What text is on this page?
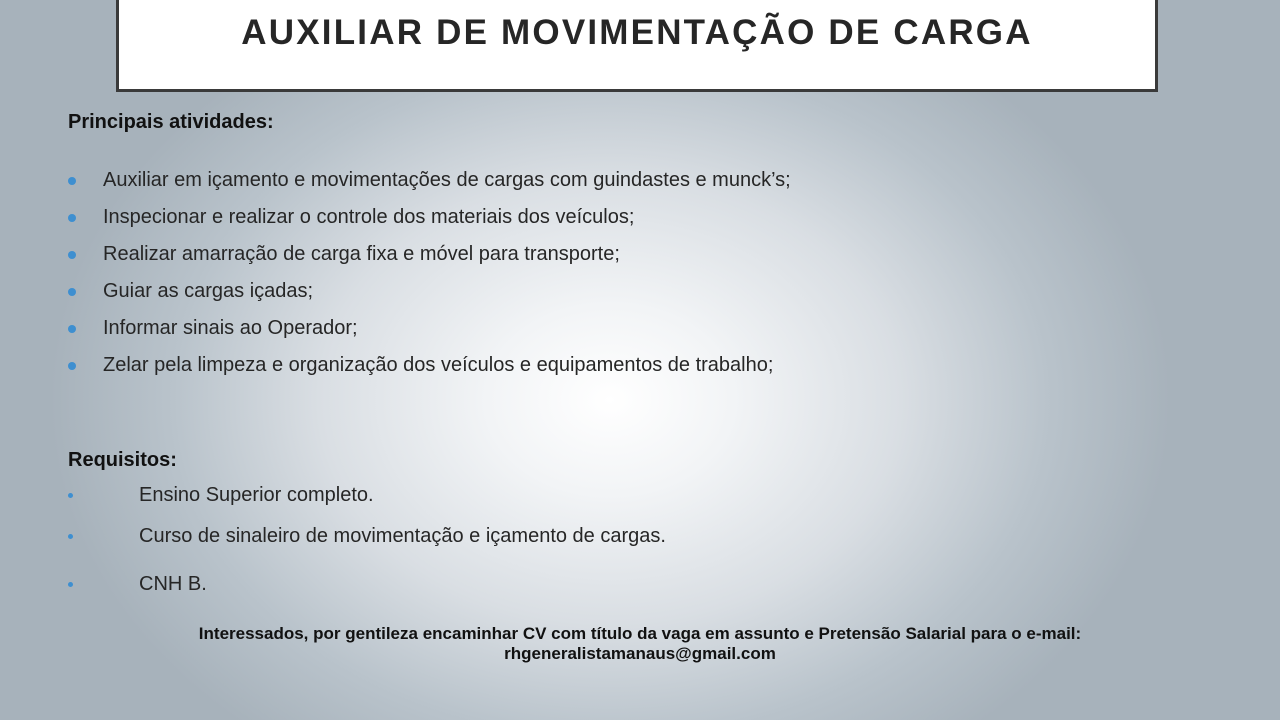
AUXILIAR DE MOVIMENTAÇÃO DE CARGA

Principais atividades:

Auxiliar em içamento e movimentações de cargas com guindastes e munck’s;
Inspecionar e realizar o controle dos materiais dos veículos;
Realizar amarração de carga fixa e móvel para transporte;
Guiar as cargas içadas;
Informar sinais ao Operador;
Zelar pela limpeza e organização dos veículos e equipamentos de trabalho;

Requisitos:

Ensino Superior completo.
Curso de sinaleiro de movimentação e içamento de cargas.
CNH B.
Interessados, por gentileza encaminhar CV com título da vaga em assunto e Pretensão Salarial para o e-mail:
rhgeneralistamanaus@gmail.com
